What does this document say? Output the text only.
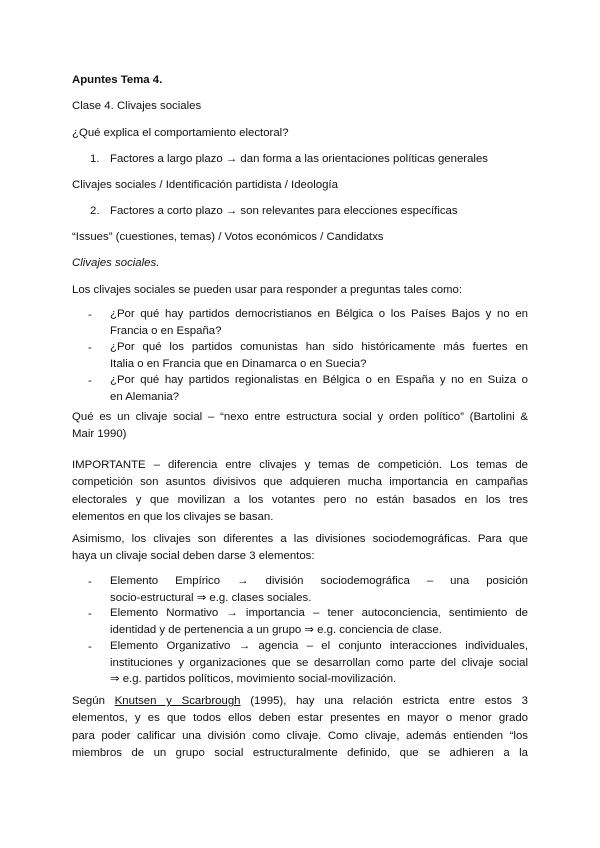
Apuntes Tema 4.
Clase 4. Clivajes sociales
¿Qué explica el comportamiento electoral?
1. Factores a largo plazo → dan forma a las orientaciones políticas generales
Clivajes sociales / Identificación partidista / Ideología
2. Factores a corto plazo → son relevantes para elecciones específicas
“Issues” (cuestiones, temas) / Votos económicos / Candidatxs
Clivajes sociales.
Los clivajes sociales se pueden usar para responder a preguntas tales como:
- ¿Por qué hay partidos democristianos en Bélgica o los Países Bajos y no en
Francia o en España?
- ¿Por qué los partidos comunistas han sido históricamente más fuertes en
Italia o en Francia que en Dinamarca o en Suecia?
- ¿Por qué hay partidos regionalistas en Bélgica o en España y no en Suiza o
en Alemania?
Qué es un clivaje social – “nexo entre estructura social y orden político” (Bartolini &
Mair 1990)
IMPORTANTE – diferencia entre clivajes y temas de competición. Los temas de
competición son asuntos divisivos que adquieren mucha importancia en campañas
electorales y que movilizan a los votantes pero no están basados en los tres
elementos en que los clivajes se basan.
Asimismo, los clivajes son diferentes a las divisiones sociodemográficas. Para que
haya un clivaje social deben darse 3 elementos:
- Elemento Empírico → división sociodemográfica – una posición
socio-estructural ⇒ e.g. clases sociales.
- Elemento Normativo → importancia – tener autoconciencia, sentimiento de
identidad y de pertenencia a un grupo ⇒ e.g. conciencia de clase.
- Elemento Organizativo → agencia – el conjunto interacciones individuales,
instituciones y organizaciones que se desarrollan como parte del clivaje social
⇒ e.g. partidos políticos, movimiento social-movilización.
Según Knutsen y Scarbrough (1995), hay una relación estricta entre estos 3
elementos, y es que todos ellos deben estar presentes en mayor o menor grado
para poder calificar una división como clivaje. Como clivaje, además entienden “los
miembros de un grupo social estructuralmente definido, que se adhieren a la
